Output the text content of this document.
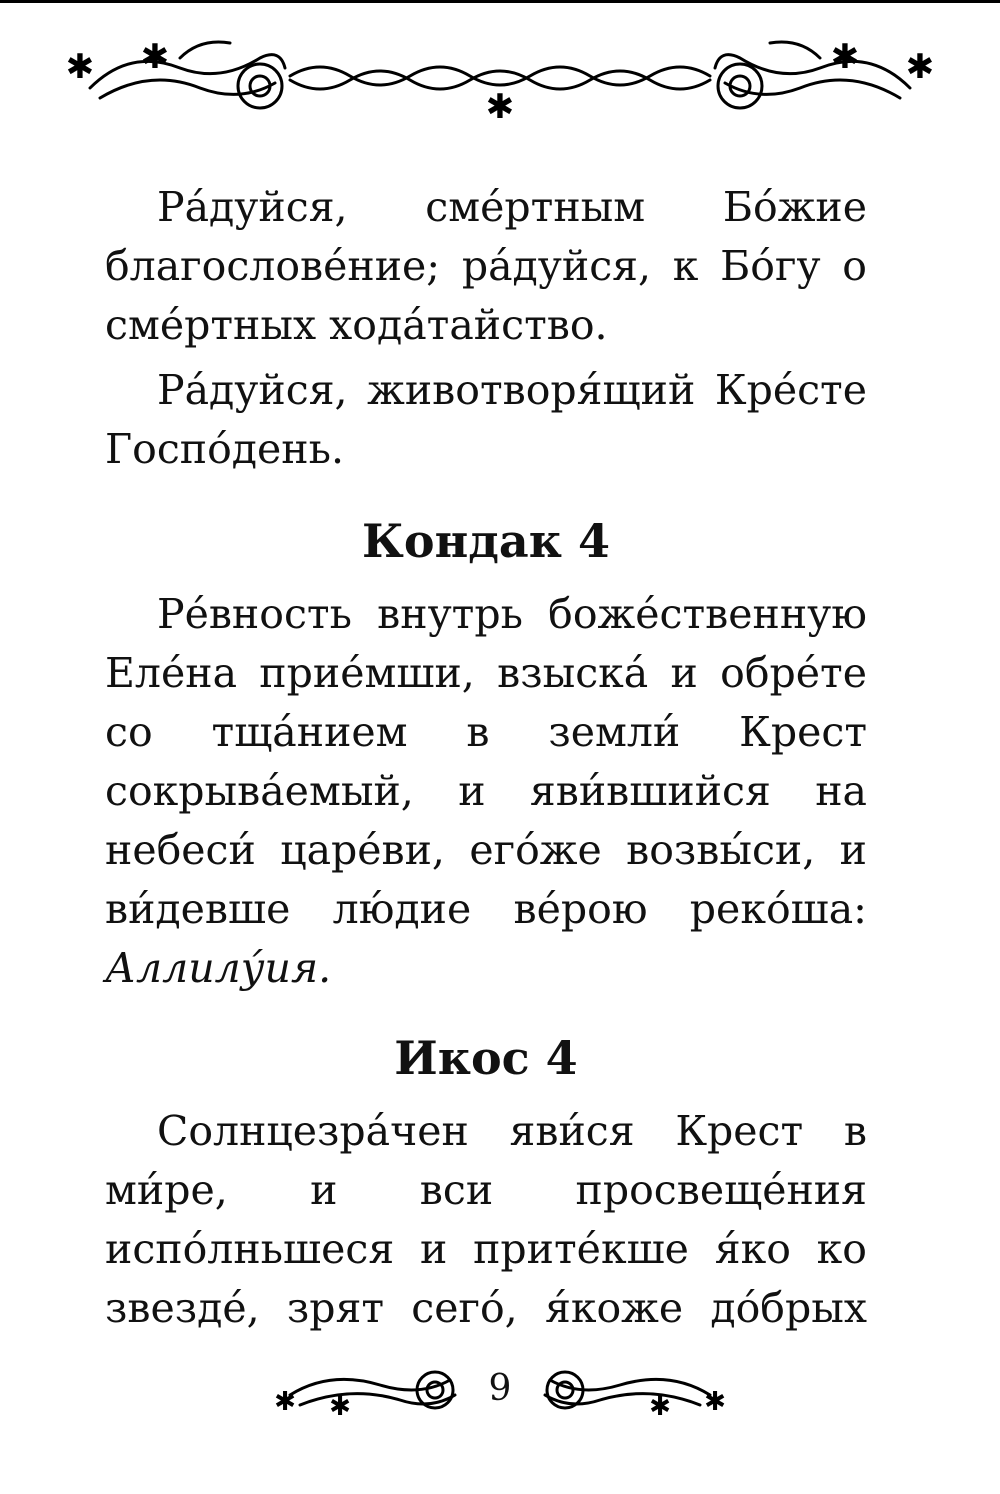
✱ ✱
✱
✱ ✱

Ра́дуйся, сме́ртным Бо́жие благослове́ние; ра́дуйся, к Бо́гу о сме́ртных хода́тайство.

Ра́дуйся, животворя́щий Кре́сте Госпо́день.

Кондак 4

Ре́вность внутрь боже́ственную Еле́на прие́мши, взыска́ и обре́те со тща́нием в земли́ Крест сокрыва́емый, и яви́вшийся на небеси́ царе́ви, его́же возвы́си, и ви́девше лю́дие ве́рою реко́ша: Аллилу́ия.

Икос 4

Солнцезра́чен яви́ся Крест в ми́ре, и вси просвеще́ния испо́лньшеся и прите́кше я́ко ко звезде́, зрят сего́, я́коже до́брых

✱ ✱	✱ ✱
9
